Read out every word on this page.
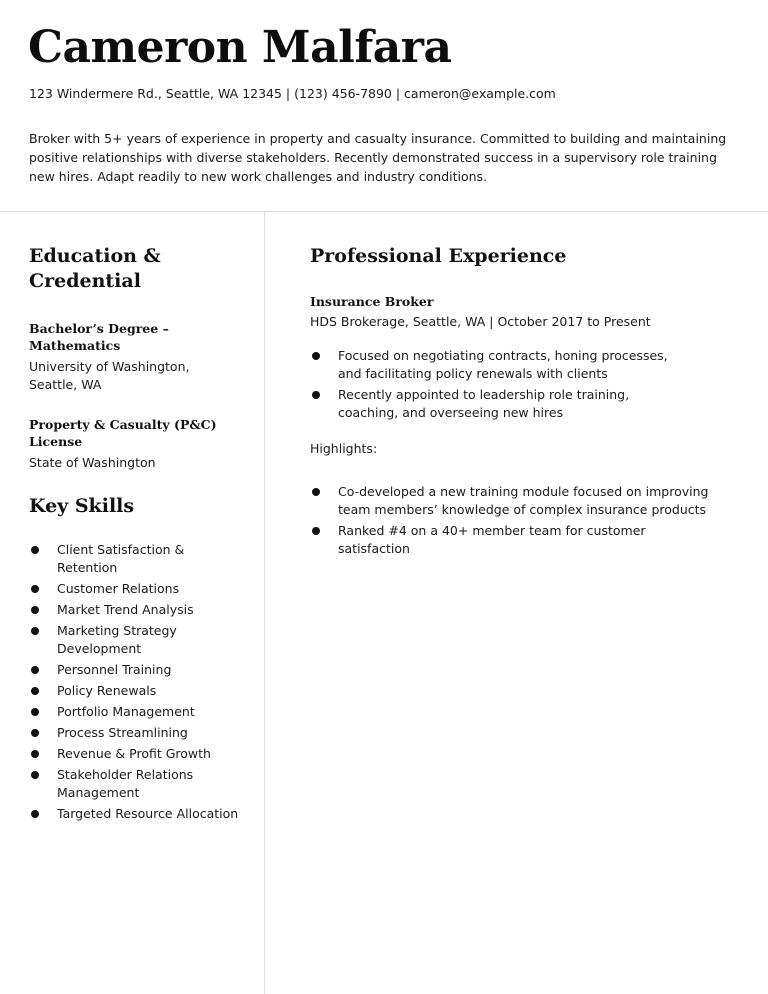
Cameron Malfara
123 Windermere Rd., Seattle, WA 12345 | (123) 456-7890 | cameron@example.com
Broker with 5+ years of experience in property and casualty insurance. Committed to building and maintaining positive relationships with diverse stakeholders. Recently demonstrated success in a supervisory role training new hires. Adapt readily to new work challenges and industry conditions.
Education & Credential
Bachelor’s Degree – Mathematics
University of Washington, Seattle, WA
Property & Casualty (P&C) License
State of Washington
Key Skills
Client Satisfaction & Retention
Customer Relations
Market Trend Analysis
Marketing Strategy Development
Personnel Training
Policy Renewals
Portfolio Management
Process Streamlining
Revenue & Profit Growth
Stakeholder Relations Management
Targeted Resource Allocation
Professional Experience
Insurance Broker
HDS Brokerage, Seattle, WA | October 2017 to Present
Focused on negotiating contracts, honing processes, and facilitating policy renewals with clients
Recently appointed to leadership role training, coaching, and overseeing new hires
Highlights:
Co-developed a new training module focused on improving team members’ knowledge of complex insurance products
Ranked #4 on a 40+ member team for customer satisfaction
